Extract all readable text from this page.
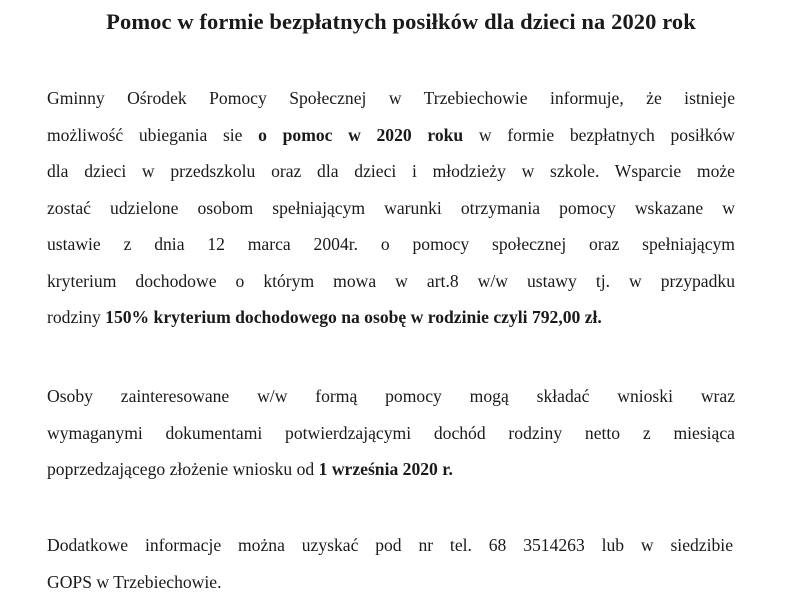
Pomoc w formie bezpłatnych posiłków dla dzieci na 2020 rok
Gminny Ośrodek Pomocy Społecznej w Trzebiechowie informuje, że istnieje
możliwość ubiegania sie o pomoc w 2020 roku w formie bezpłatnych posiłków
dla dzieci w przedszkolu oraz dla dzieci i młodzieży w szkole. Wsparcie może
zostać udzielone osobom spełniającym warunki otrzymania pomocy wskazane w
ustawie z dnia 12 marca 2004r. o pomocy społecznej oraz spełniającym
kryterium dochodowe o którym mowa w art.8 w/w ustawy tj. w przypadku
rodziny 150% kryterium dochodowego na osobę w rodzinie czyli 792,00 zł.
Osoby zainteresowane w/w formą pomocy mogą składać wnioski wraz
wymaganymi dokumentami potwierdzającymi dochód rodziny netto z miesiąca
poprzedzającego złożenie wniosku od 1 września 2020 r.
Dodatkowe informacje można uzyskać pod nr tel. 68 3514263 lub w siedzibie
GOPS w Trzebiechowie.
